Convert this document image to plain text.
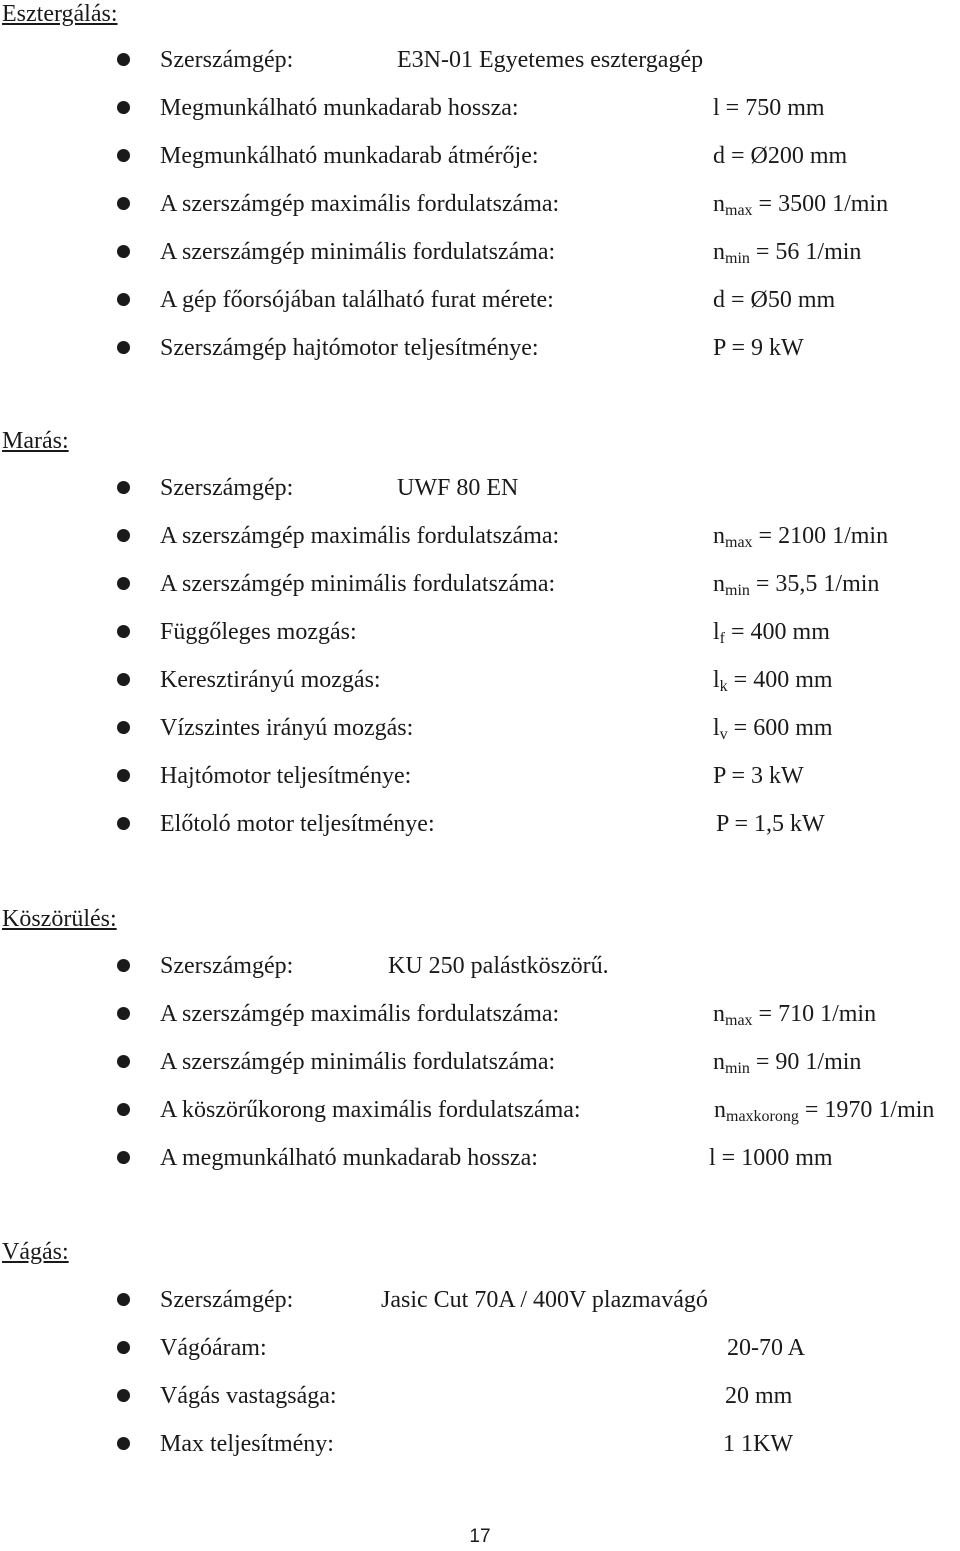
Esztergálás:
Szerszámgép:	E3N-01 Egyetemes esztergagép
Megmunkálható munkadarab hossza:	l = 750 mm
Megmunkálható munkadarab átmérője:	d = Ø200 mm
A szerszámgép maximális fordulatszáma:	$n_{max} = 3500$ 1/min
A szerszámgép minimális fordulatszáma:	$n_{min} = 56$ 1/min
A gép főorsójában található furat mérete:	d = Ø50 mm
Szerszámgép hajtómotor teljesítménye:	P = 9 kW
Marás:
Szerszámgép:	UWF 80 EN
A szerszámgép maximális fordulatszáma:	$n_{max} = 2100$ 1/min
A szerszámgép minimális fordulatszáma:	$n_{min} = 35,5$ 1/min
Függőleges mozgás:	$l_f = 400$ mm
Keresztirányú mozgás:	$l_k = 400$ mm
Vízszintes irányú mozgás:	$l_v = 600$ mm
Hajtómotor teljesítménye:	P = 3 kW
Előtoló motor teljesítménye:	P = 1,5 kW
Köszörülés:
Szerszámgép:	KU 250 palástköszörű.
A szerszámgép maximális fordulatszáma:	$n_{max} = 710$ 1/min
A szerszámgép minimális fordulatszáma:	$n_{min} = 90$ 1/min
A köszörűkorong maximális fordulatszáma:	$n_{maxkorong} = 1970$ 1/min
A megmunkálható munkadarab hossza:	l = 1000 mm
Vágás:
Szerszámgép:	Jasic Cut 70A / 400V plazmavágó
Vágóáram:	20-70 A
Vágás vastagsága:	20 mm
Max teljesítmény:	1 1KW
17
